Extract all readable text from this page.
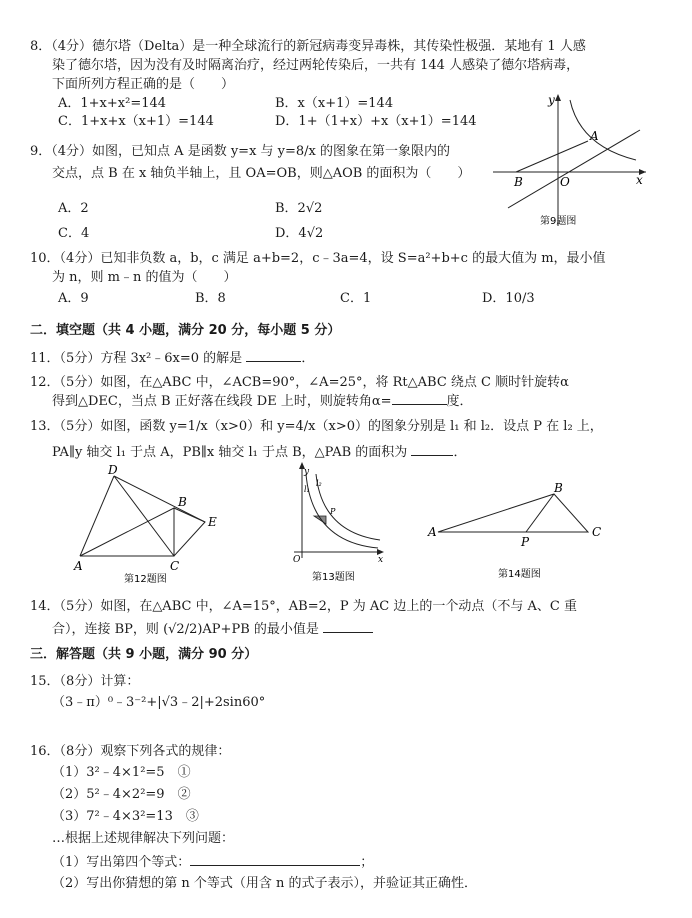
8．（4分）德尔塔（Delta）是一种全球流行的新冠病毒变异毒株，其传染性极强．某地有 1 人感
染了德尔塔，因为没有及时隔离治疗，经过两轮传染后，一共有 144 人感染了德尔塔病毒，
下面所列方程正确的是（　　）
A．1+x+x²=144	B．x（x+1）=144
C．1+x+x（x+1）=144	D．1+（1+x）+x（x+1）=144
9．（4分）如图，已知点 A 是函数 y=x 与 y=8/x 的图象在第一象限内的
交点，点 B 在 x 轴负半轴上，且 OA=OB，则△AOB 的面积为（　　）
A．2	B．2√2
C．4	D．4√2
y
x
A
B	O
第9题图
10．（4分）已知非负数 a，b，c 满足 a+b=2，c﹣3a=4，设 S=a²+b+c 的最大值为 m，最小值
为 n，则 m﹣n 的值为（　　）
A．9	B．8	C．1	D．10/3
二．填空题（共 4 小题，满分 20 分，每小题 5 分）
11．（5分）方程 3x²﹣6x=0 的解是	．
12．（5分）如图，在△ABC 中，∠ACB=90°，∠A=25°，将 Rt△ABC 绕点 C 顺时针旋转α
得到△DEC，当点 B 正好落在线段 DE 上时，则旋转角α=	度．
13．（5分）如图，函数 y=1/x（x>0）和 y=4/x（x>0）的图象分别是 l₁ 和 l₂．设点 P 在 l₂ 上，
PA∥y 轴交 l₁ 于点 A，PB∥x 轴交 l₁ 于点 B，△PAB 的面积为	．
D
B
E
A	C
第12题图
y
x
O
P
l₁
l₂
第13题图
A
B
C
P
第14题图
14．（5分）如图，在△ABC 中，∠A=15°，AB=2，P 为 AC 边上的一个动点（不与 A、C 重
合），连接 BP，则 (√2/2)AP+PB 的最小值是
三．解答题（共 9 小题，满分 90 分）
15．（8分）计算：
（3﹣π）⁰﹣3⁻²+|√3﹣2|+2sin60°
16．（8分）观察下列各式的规律：
（1）3²﹣4×1²=5　①
（2）5²﹣4×2²=9　②
（3）7²﹣4×3²=13　③
…根据上述规律解决下列问题：
（1）写出第四个等式：	；
（2）写出你猜想的第 n 个等式（用含 n 的式子表示），并验证其正确性．
